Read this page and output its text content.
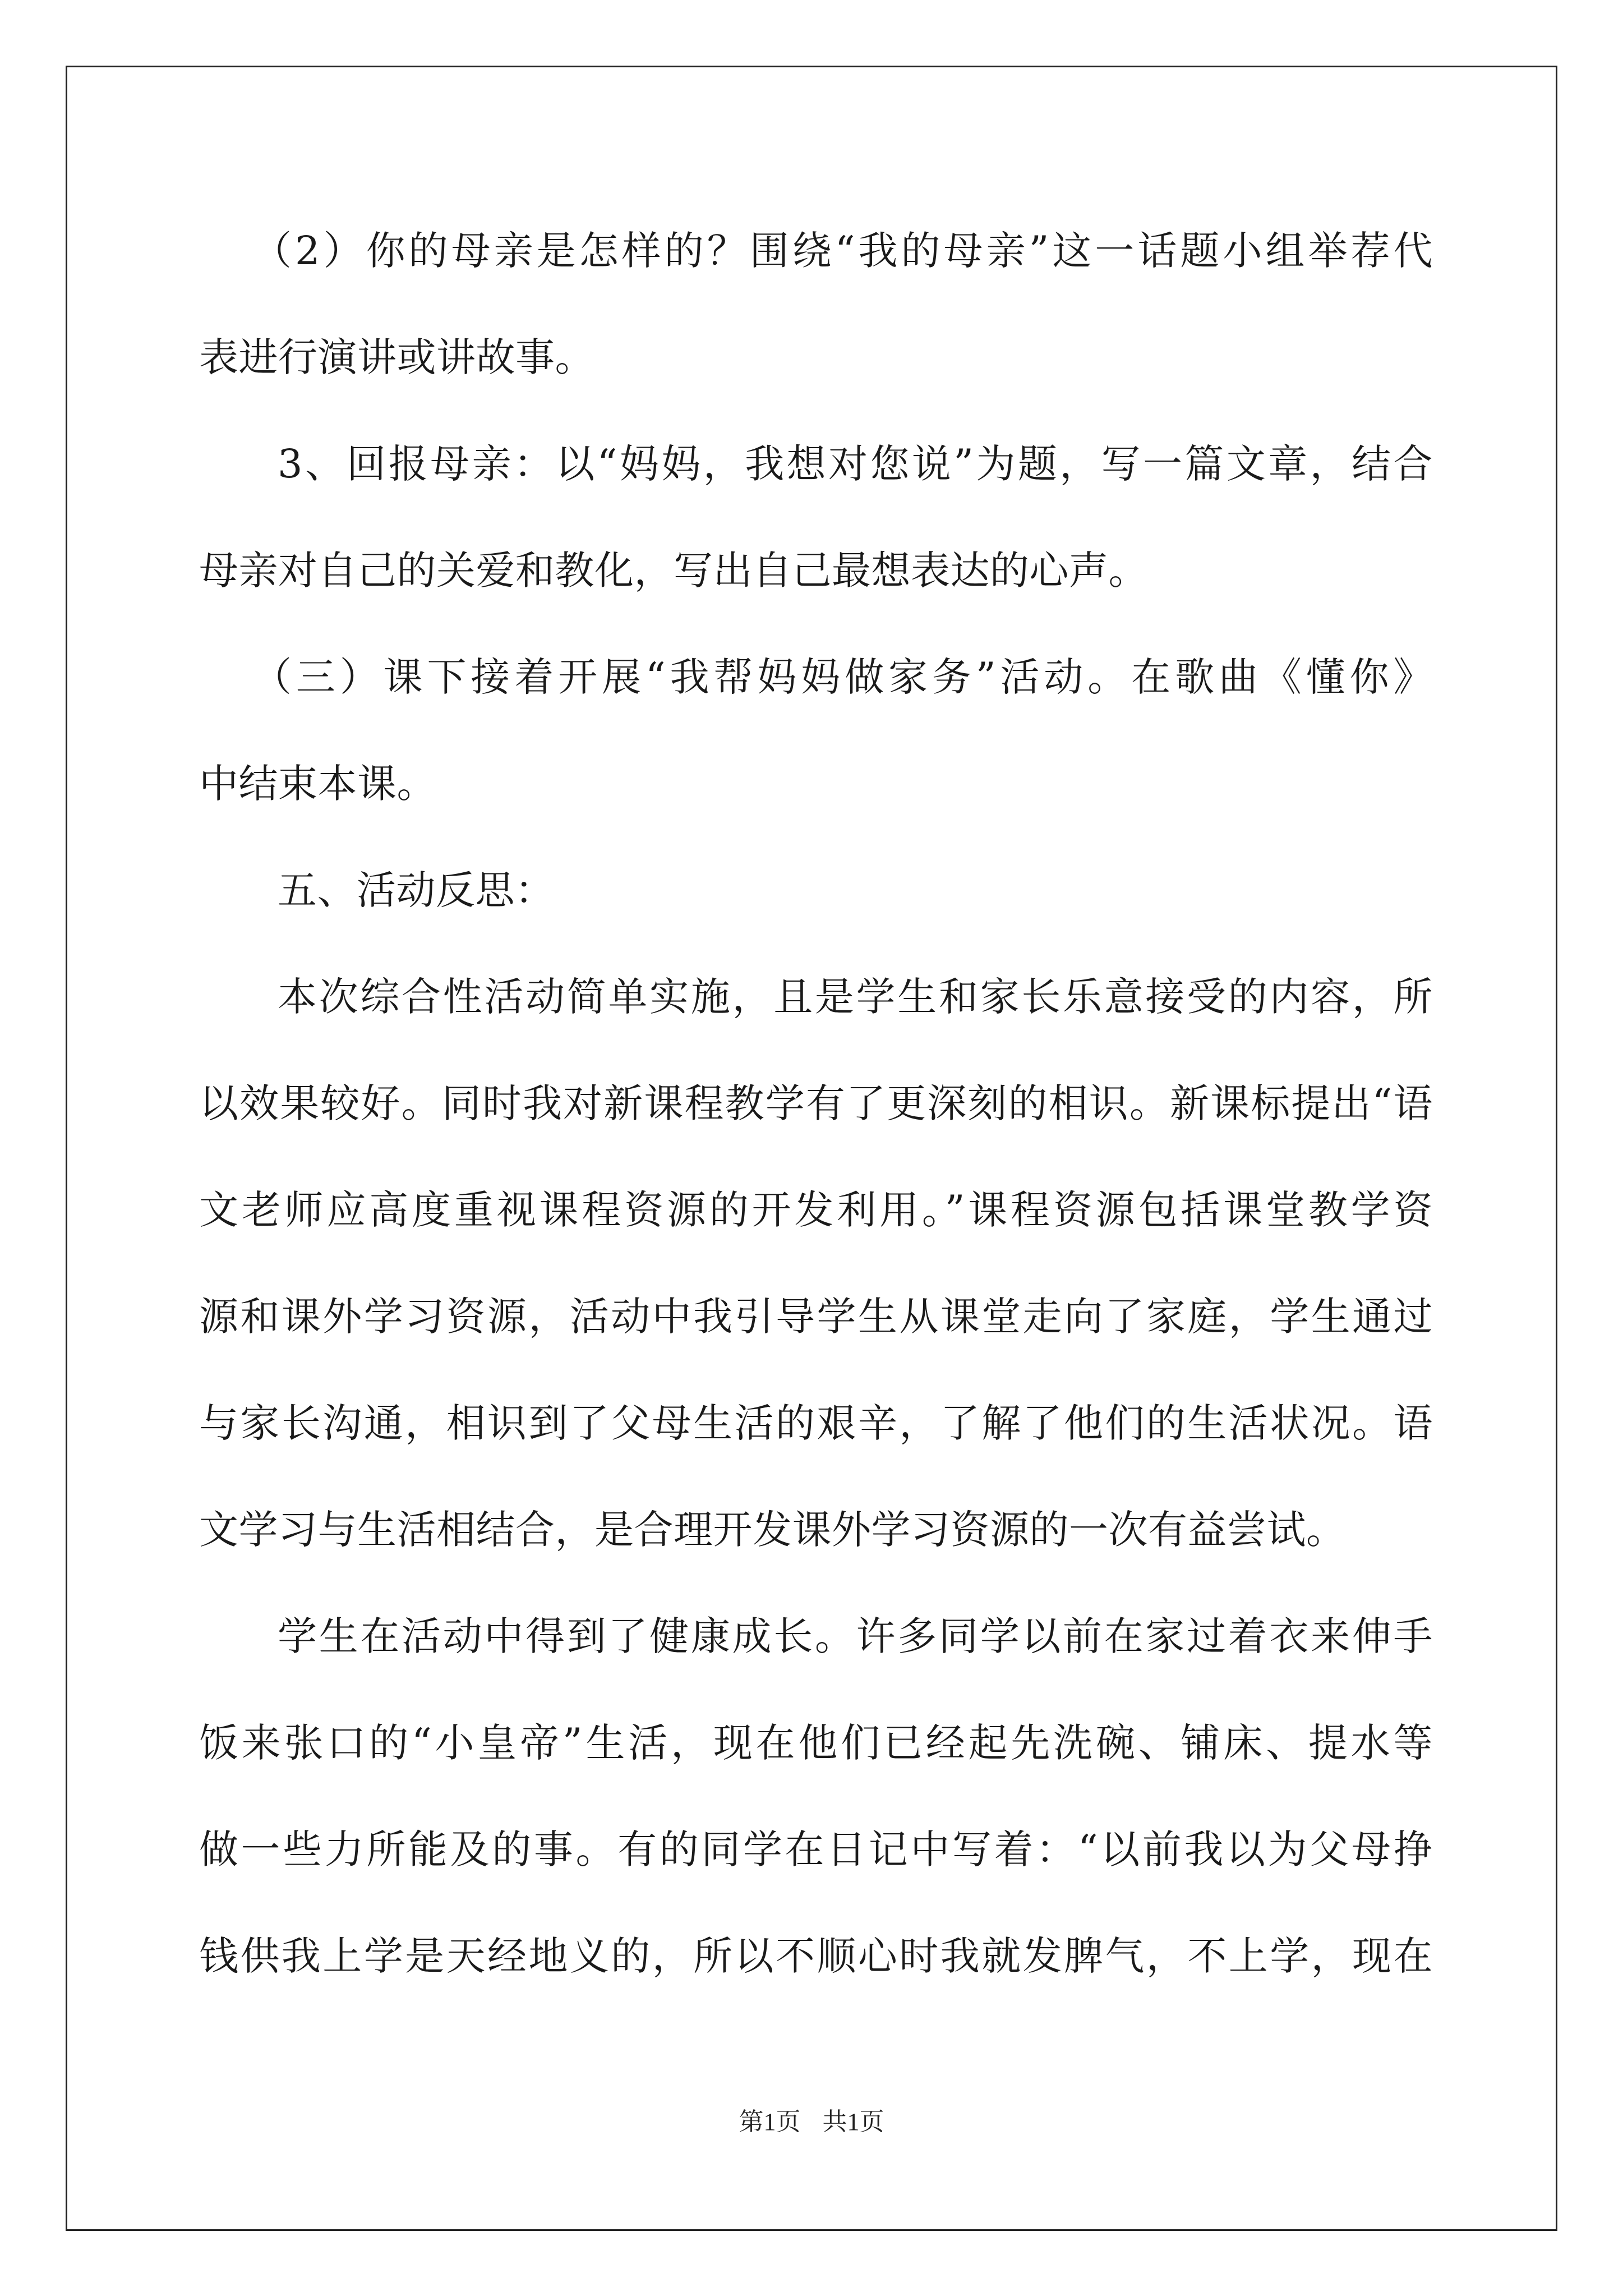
（2）你的母亲是怎样的？围绕“我的母亲”这一话题小组举荐代
表进行演讲或讲故事。
3、回报母亲：以“妈妈，我想对您说”为题，写一篇文章，结合
母亲对自己的关爱和教化，写出自己最想表达的心声。
（三）课下接着开展“我帮妈妈做家务”活动。在歌曲《懂你》
中结束本课。
五、活动反思：
本次综合性活动简单实施，且是学生和家长乐意接受的内容，所
以效果较好。同时我对新课程教学有了更深刻的相识。新课标提出“语
文老师应高度重视课程资源的开发利用。”课程资源包括课堂教学资
源和课外学习资源，活动中我引导学生从课堂走向了家庭，学生通过
与家长沟通，相识到了父母生活的艰辛，了解了他们的生活状况。语
文学习与生活相结合，是合理开发课外学习资源的一次有益尝试。
学生在活动中得到了健康成长。许多同学以前在家过着衣来伸手
饭来张口的“小皇帝”生活，现在他们已经起先洗碗、铺床、提水等
做一些力所能及的事。有的同学在日记中写着：“以前我以为父母挣
钱供我上学是天经地义的，所以不顺心时我就发脾气，不上学，现在
第1页 共1页
